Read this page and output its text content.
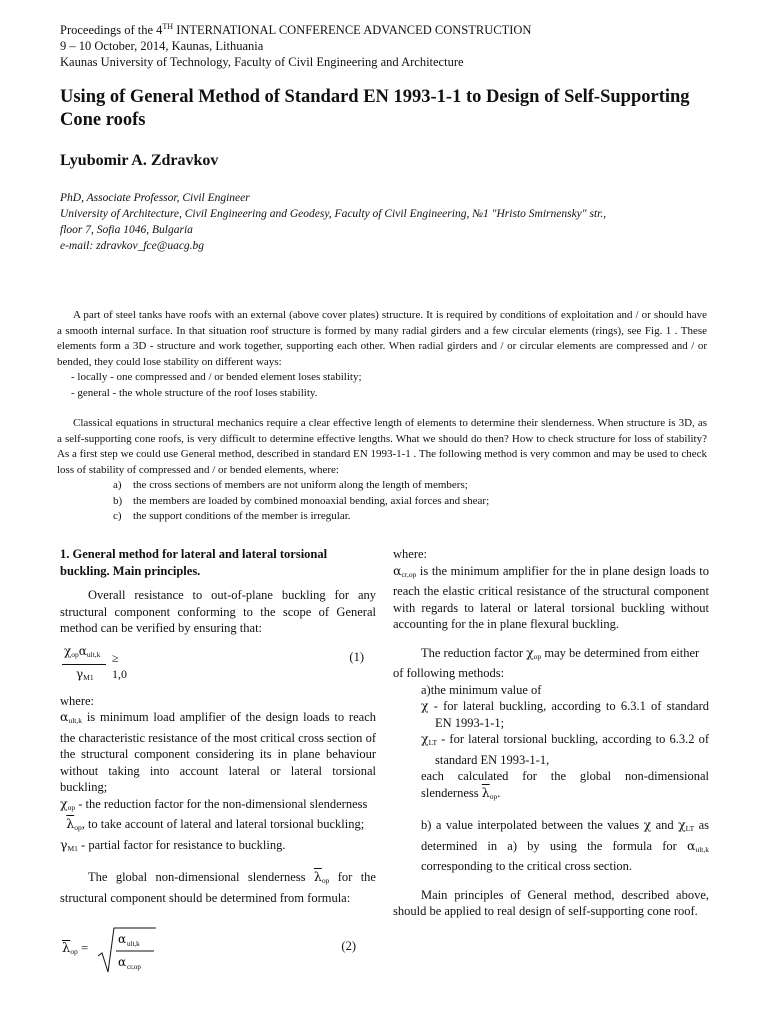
Proceedings of the 4TH INTERNATIONAL CONFERENCE ADVANCED CONSTRUCTION
9 – 10 October, 2014, Kaunas, Lithuania
Kaunas University of Technology, Faculty of Civil Engineering and Architecture
Using of General Method of Standard EN 1993-1-1 to Design of Self-Supporting Cone roofs
Lyubomir A. Zdravkov
PhD, Associate Professor, Civil Engineer
University of Architecture, Civil Engineering and Geodesy, Faculty of Civil Engineering, №1 "Hristo Smirnensky" str.,
floor 7, Sofia 1046, Bulgaria
e-mail: zdravkov_fce@uacg.bg

A part of steel tanks have roofs with an external (above cover plates) structure. It is required by conditions of exploitation and / or should have a smooth internal surface. In that situation roof structure is formed by many radial girders and a few circular elements (rings), see Fig. 1 . These elements form a 3D - structure and work together, supporting each other. When radial girders and / or circular elements are compressed and / or bended, they could lose stability on different ways:

- locally - one compressed and / or bended element loses stability;

- general - the whole structure of the roof loses stability.

Classical equations in structural mechanics require a clear effective length of elements to determine their slenderness. When structure is 3D, as a self-supporting cone roofs, is very difficult to determine effective lengths. What we should do then? How to check structure for loss of stability? As a first step we could use General method, described in standard EN 1993-1-1 . The following method is very common and may be used to check loss of stability of compressed and / or bended elements, where:

a) the cross sections of members are not uniform along the length of members;
b) the members are loaded by combined monoaxial bending, axial forces and shear;
c) the support conditions of the member is irregular.

1. General method for lateral and lateral torsional buckling. Main principles.

Overall resistance to out-of-plane buckling for any structural component conforming to the scope of General method can be verified by ensuring that:

$\chi_{op}\alpha_{ult,k}$
$\gamma_{M1}$
≥ 1,0
(1)

where:

$\alpha_{ult,k}$ is minimum load amplifier of the design loads to reach the characteristic resistance of the most critical cross section of the structural component considering its in plane behaviour without taking into account lateral or lateral torsional buckling;

$\chi_{op}$ - the reduction factor for the non-dimensional slenderness

$\overline{\lambda}_{op}$, to take account of lateral and lateral torsional buckling;

$\gamma_{M1}$ - partial factor for resistance to buckling.

The global non-dimensional slenderness $\overline{\lambda}_{op}$ for the structural component should be determined from formula:

$\overline{\lambda}_{op}$ =
α ult,k
α cr,op
(2)

where:

$\alpha_{cr,op}$ is the minimum amplifier for the in plane design loads to reach the elastic critical resistance of the structural component with regards to lateral or lateral torsional buckling without accounting for the in plane flexural buckling.

The reduction factor $\chi_{op}$ may be determined from either of following methods:

a)the minimum value of

χ - for lateral buckling, according to 6.3.1 of standard EN 1993-1-1;

$\chi_{LT}$ - for lateral torsional buckling, according to 6.3.2 of standard EN 1993-1-1,

each calculated for the global non-dimensional slenderness $\overline{\lambda}_{op}$.

b) a value interpolated between the values χ and $\chi_{LT}$ as determined in a) by using the formula for $\alpha_{ult,k}$ corresponding to the critical cross section.

Main principles of General method, described above, should be applied to real design of self-supporting cone roof.
